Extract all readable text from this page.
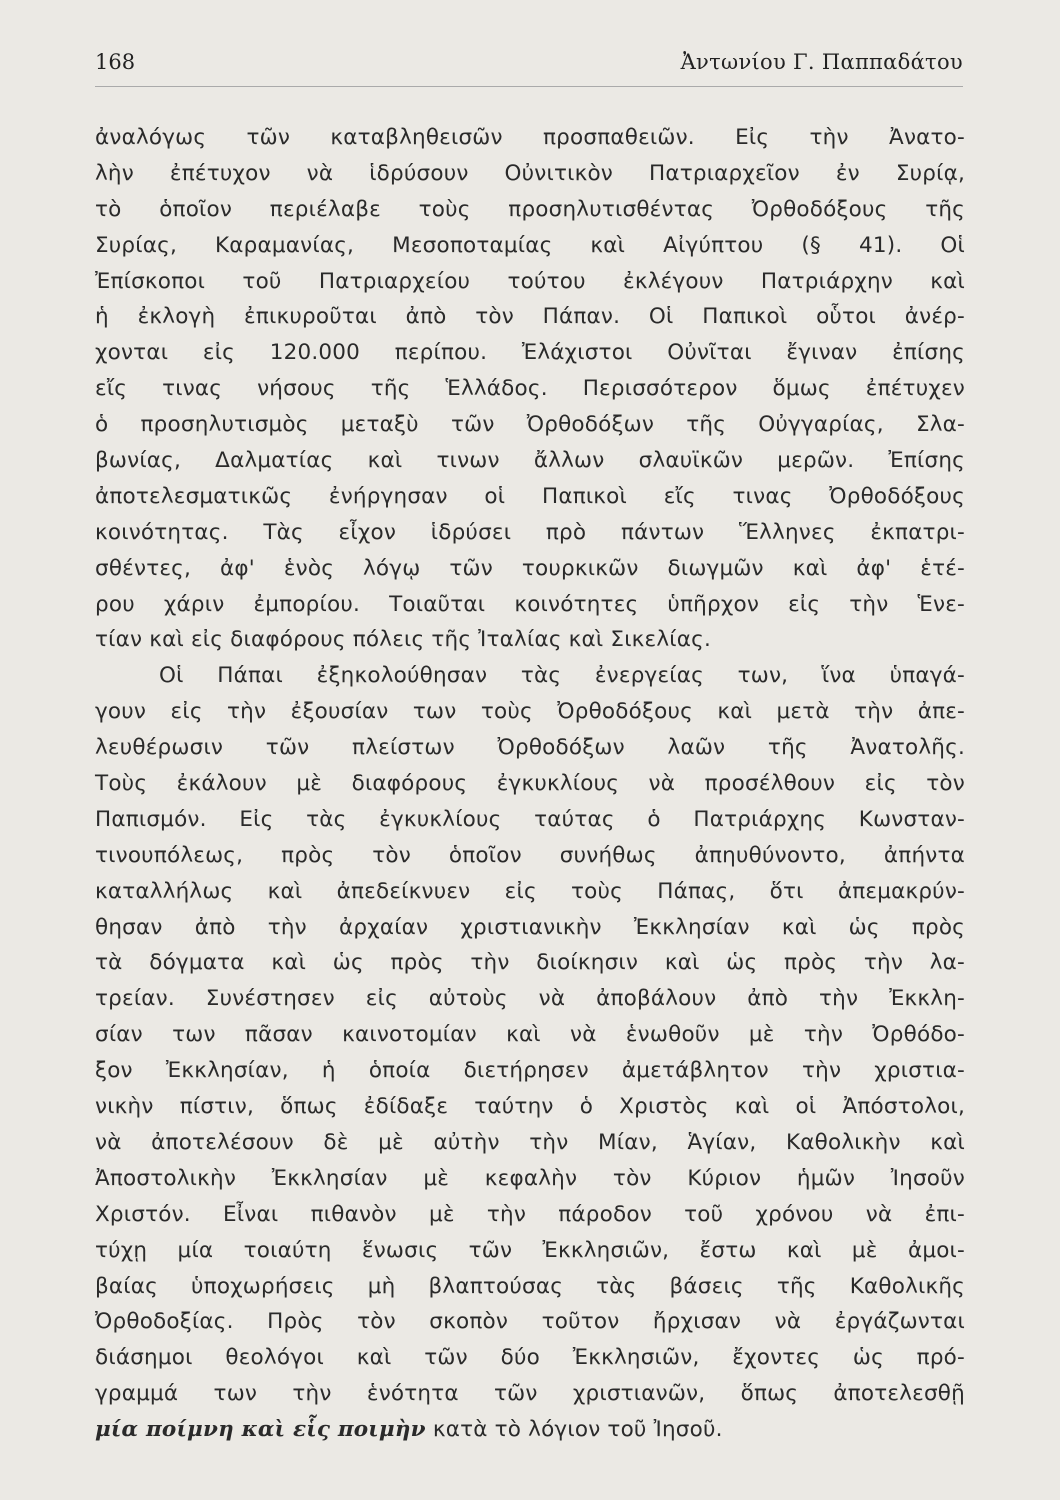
168	Ἀντωνίου Γ. Παππαδάτου
ἀναλόγως τῶν καταβληθεισῶν προσπαθειῶν. Εἰς τὴν Ἀνατο-
λὴν ἐπέτυχον νὰ ἱδρύσουν Οὐνιτικὸν Πατριαρχεῖον ἐν Συρίᾳ,
τὸ ὁποῖον περιέλαβε τοὺς προσηλυτισθέντας Ὀρθοδόξους τῆς
Συρίας, Καραμανίας, Μεσοποταμίας καὶ Αἰγύπτου (§ 41). Οἱ
Ἐπίσκοποι τοῦ Πατριαρχείου τούτου ἐκλέγουν Πατριάρχην καὶ
ἡ ἐκλογὴ ἐπικυροῦται ἀπὸ τὸν Πάπαν. Οἱ Παπικοὶ οὗτοι ἀνέρ-
χονται εἰς 120.000 περίπου. Ἐλάχιστοι Οὐνῖται ἔγιναν ἐπίσης
εἴς τινας νήσους τῆς Ἑλλάδος. Περισσότερον ὅμως ἐπέτυχεν
ὁ προσηλυτισμὸς μεταξὺ τῶν Ὀρθοδόξων τῆς Οὐγγαρίας, Σλα-
βωνίας, Δαλματίας καὶ τινων ἄλλων σλαυϊκῶν μερῶν. Ἐπίσης
ἀποτελεσματικῶς ἐνήργησαν οἱ Παπικοὶ εἴς τινας Ὀρθοδόξους
κοινότητας. Τὰς εἶχον ἱδρύσει πρὸ πάντων Ἕλληνες ἐκπατρι-
σθέντες, ἀφ' ἑνὸς λόγῳ τῶν τουρκικῶν διωγμῶν καὶ ἀφ' ἑτέ-
ρου χάριν ἐμπορίου. Τοιαῦται κοινότητες ὑπῆρχον εἰς τὴν Ἑνε-
τίαν καὶ εἰς διαφόρους πόλεις τῆς Ἰταλίας καὶ Σικελίας.
Οἱ Πάπαι ἐξηκολούθησαν τὰς ἐνεργείας των, ἵνα ὑπαγά-
γουν εἰς τὴν ἐξουσίαν των τοὺς Ὀρθοδόξους καὶ μετὰ τὴν ἀπε-
λευθέρωσιν τῶν πλείστων Ὀρθοδόξων λαῶν τῆς Ἀνατολῆς.
Τοὺς ἐκάλουν μὲ διαφόρους ἐγκυκλίους νὰ προσέλθουν εἰς τὸν
Παπισμόν. Εἰς τὰς ἐγκυκλίους ταύτας ὁ Πατριάρχης Κωνσταν-
τινουπόλεως, πρὸς τὸν ὁποῖον συνήθως ἀπηυθύνοντο, ἀπήντα
καταλλήλως καὶ ἀπεδείκνυεν εἰς τοὺς Πάπας, ὅτι ἀπεμακρύν-
θησαν ἀπὸ τὴν ἀρχαίαν χριστιανικὴν Ἐκκλησίαν καὶ ὡς πρὸς
τὰ δόγματα καὶ ὡς πρὸς τὴν διοίκησιν καὶ ὡς πρὸς τὴν λα-
τρείαν. Συνέστησεν εἰς αὐτοὺς νὰ ἀποβάλουν ἀπὸ τὴν Ἐκκλη-
σίαν των πᾶσαν καινοτομίαν καὶ νὰ ἑνωθοῦν μὲ τὴν Ὀρθόδο-
ξον Ἐκκλησίαν, ἡ ὁποία διετήρησεν ἀμετάβλητον τὴν χριστια-
νικὴν πίστιν, ὅπως ἐδίδαξε ταύτην ὁ Χριστὸς καὶ οἱ Ἀπόστολοι,
νὰ ἀποτελέσουν δὲ μὲ αὐτὴν τὴν Μίαν, Ἁγίαν, Καθολικὴν καὶ
Ἀποστολικὴν Ἐκκλησίαν μὲ κεφαλὴν τὸν Κύριον ἡμῶν Ἰησοῦν
Χριστόν. Εἶναι πιθανὸν μὲ τὴν πάροδον τοῦ χρόνου νὰ ἐπι-
τύχῃ μία τοιαύτη ἕνωσις τῶν Ἐκκλησιῶν, ἔστω καὶ μὲ ἀμοι-
βαίας ὑποχωρήσεις μὴ βλαπτούσας τὰς βάσεις τῆς Καθολικῆς
Ὀρθοδοξίας. Πρὸς τὸν σκοπὸν τοῦτον ἤρχισαν νὰ ἐργάζωνται
διάσημοι θεολόγοι καὶ τῶν δύο Ἐκκλησιῶν, ἔχοντες ὡς πρό-
γραμμά των τὴν ἑνότητα τῶν χριστιανῶν, ὅπως ἀποτελεσθῇ
μία ποίμνη καὶ εἷς ποιμὴν κατὰ τὸ λόγιον τοῦ Ἰησοῦ.
